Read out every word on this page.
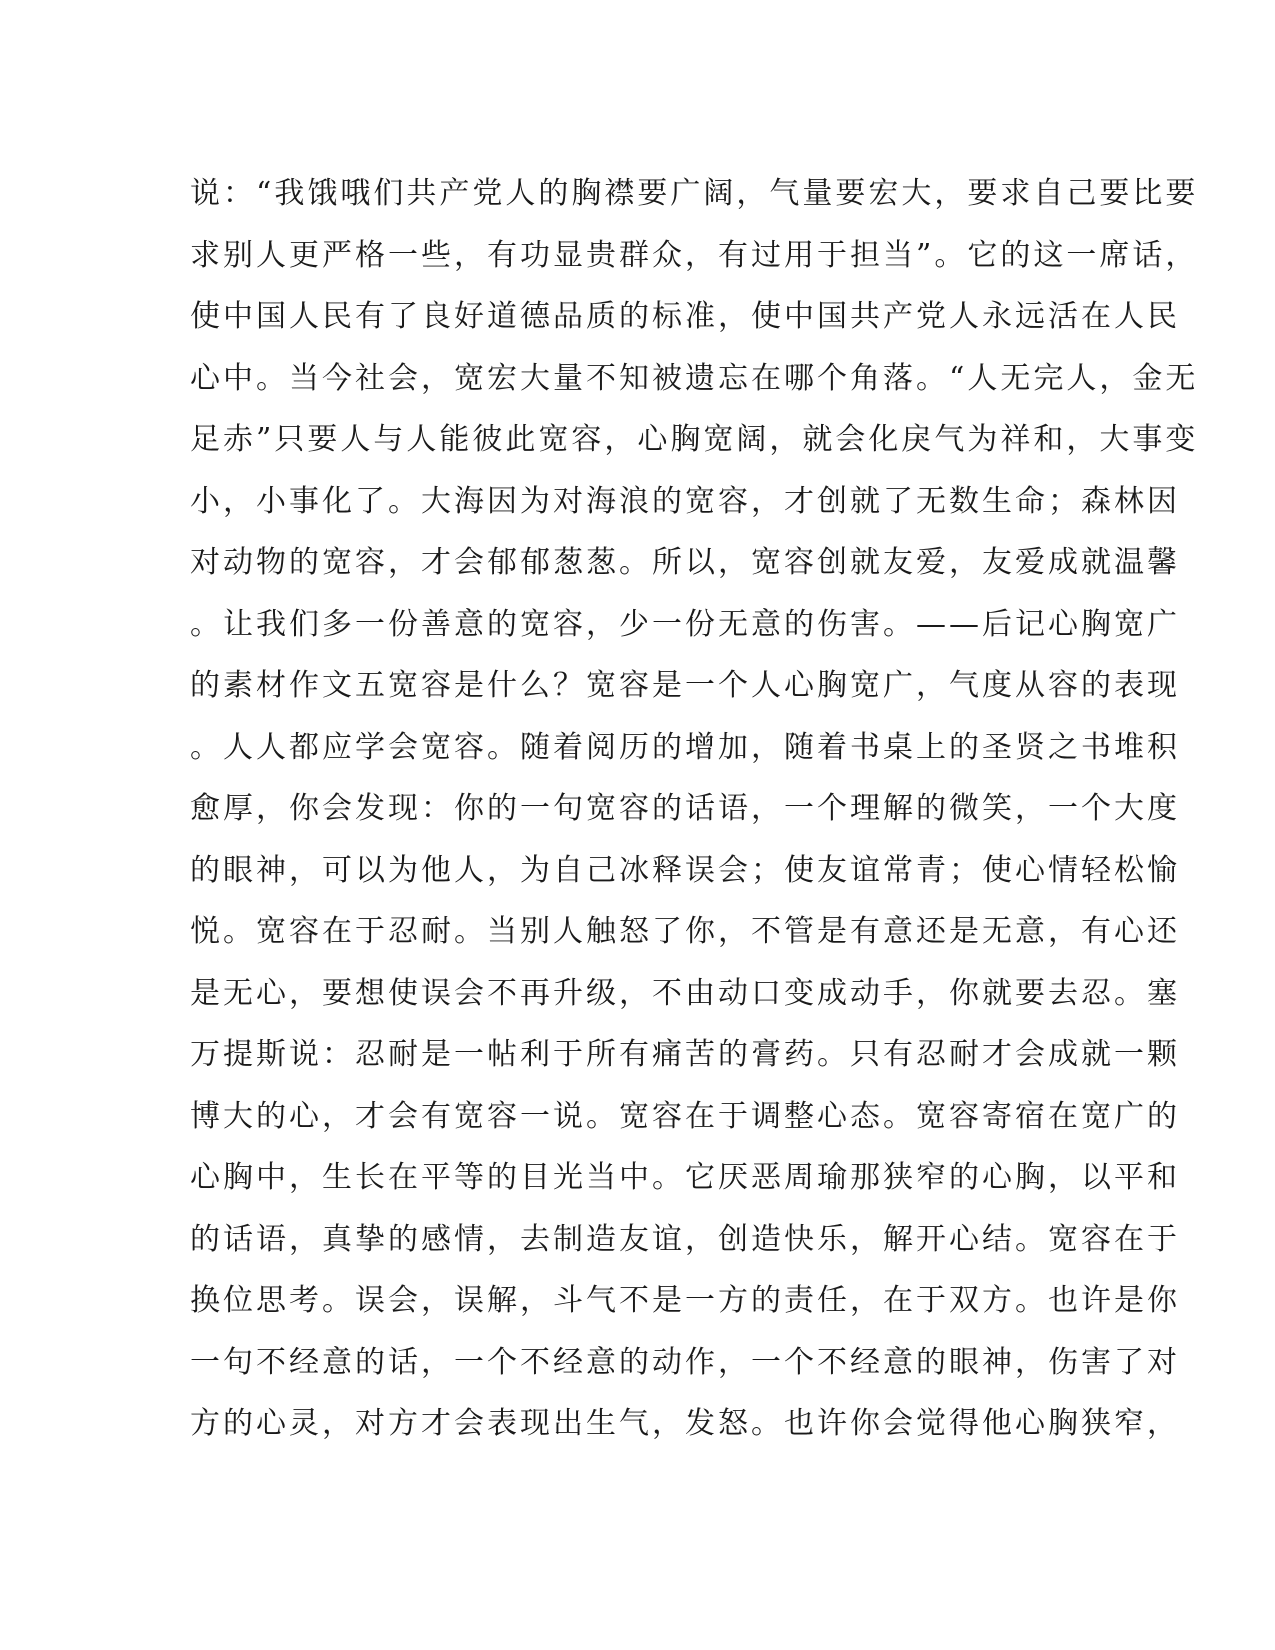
说：“我饿哦们共产党人的胸襟要广阔，气量要宏大，要求自己要比要
求别人更严格一些，有功显贵群众，有过用于担当”。它的这一席话，
使中国人民有了良好道德品质的标准，使中国共产党人永远活在人民
心中。当今社会，宽宏大量不知被遗忘在哪个角落。“人无完人，金无
足赤”只要人与人能彼此宽容，心胸宽阔，就会化戾气为祥和，大事变
小，小事化了。大海因为对海浪的宽容，才创就了无数生命；森林因
对动物的宽容，才会郁郁葱葱。所以，宽容创就友爱，友爱成就温馨
。让我们多一份善意的宽容，少一份无意的伤害。——后记心胸宽广
的素材作文五宽容是什么？宽容是一个人心胸宽广，气度从容的表现
。人人都应学会宽容。随着阅历的增加，随着书桌上的圣贤之书堆积
愈厚，你会发现：你的一句宽容的话语，一个理解的微笑，一个大度
的眼神，可以为他人，为自己冰释误会；使友谊常青；使心情轻松愉
悦。宽容在于忍耐。当别人触怒了你，不管是有意还是无意，有心还
是无心，要想使误会不再升级，不由动口变成动手，你就要去忍。塞
万提斯说：忍耐是一帖利于所有痛苦的膏药。只有忍耐才会成就一颗
博大的心，才会有宽容一说。宽容在于调整心态。宽容寄宿在宽广的
心胸中，生长在平等的目光当中。它厌恶周瑜那狭窄的心胸，以平和
的话语，真挚的感情，去制造友谊，创造快乐，解开心结。宽容在于
换位思考。误会，误解，斗气不是一方的责任，在于双方。也许是你
一句不经意的话，一个不经意的动作，一个不经意的眼神，伤害了对
方的心灵，对方才会表现出生气，发怒。也许你会觉得他心胸狭窄，
